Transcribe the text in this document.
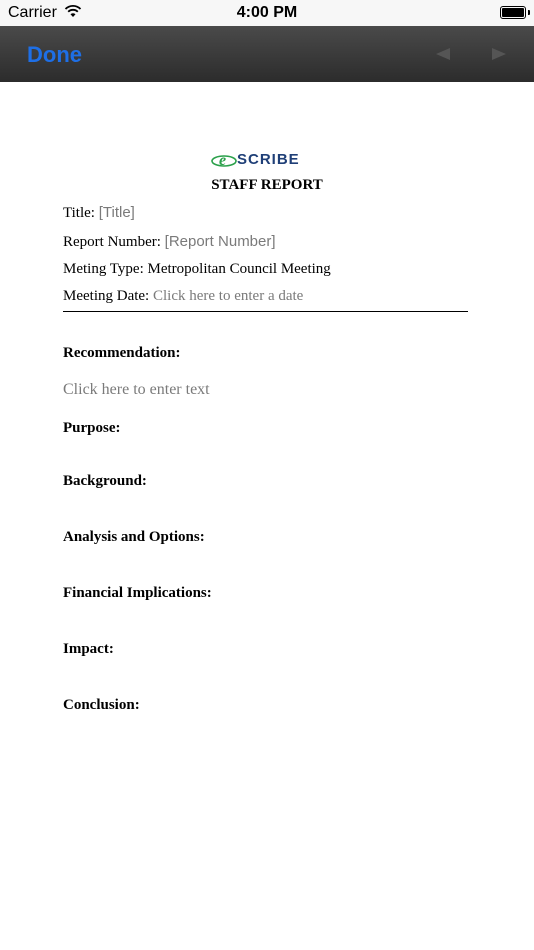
Carrier	4:00 PM
Done
e SCRIBE
STAFF REPORT
Title: [Title]
Report Number: [Report Number]
Meting Type: Metropolitan Council Meeting
Meeting Date: Click here to enter a date
Recommendation:
Click here to enter text
Purpose:
Background:
Analysis and Options:
Financial Implications:
Impact:
Conclusion:
